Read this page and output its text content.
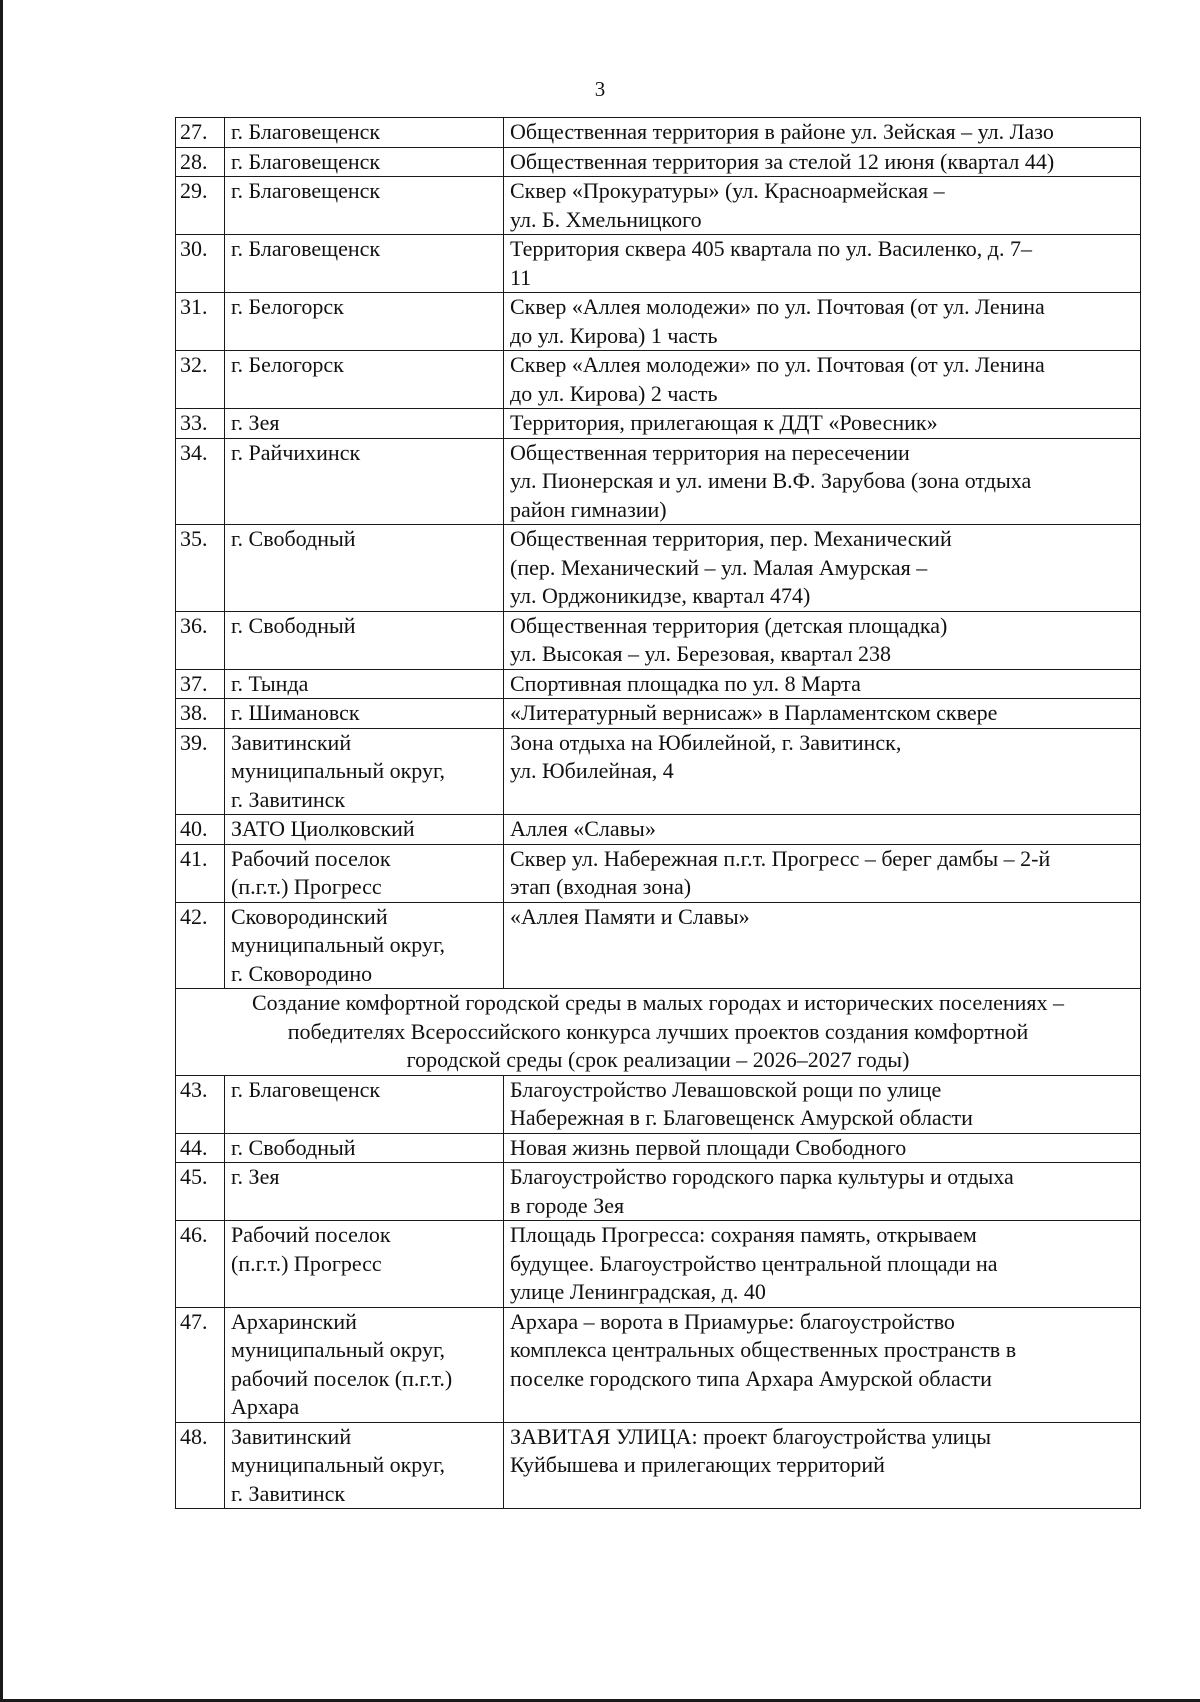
3
27.	г. Благовещенск	Общественная территория в районе ул. Зейская – ул. Лазо

28.	г. Благовещенск	Общественная территория за стелой 12 июня (квартал 44)

29.	г. Благовещенск	Сквер «Прокуратуры» (ул. Красноармейская –
ул. Б. Хмельницкого

30.	г. Благовещенск	Территория сквера 405 квартала по ул. Василенко, д. 7–
11

31.	г. Белогорск	Сквер «Аллея молодежи» по ул. Почтовая (от ул. Ленина
до ул. Кирова) 1 часть

32.	г. Белогорск	Сквер «Аллея молодежи» по ул. Почтовая (от ул. Ленина
до ул. Кирова) 2 часть

33.	г. Зея	Территория, прилегающая к ДДТ «Ровесник»

34.	г. Райчихинск	Общественная территория на пересечении
ул. Пионерская и ул. имени В.Ф. Зарубова (зона отдыха
район гимназии)

35.	г. Свободный	Общественная территория, пер. Механический
(пер. Механический – ул. Малая Амурская –
ул. Орджоникидзе, квартал 474)

36.	г. Свободный	Общественная территория (детская площадка)
ул. Высокая – ул. Березовая, квартал 238

37.	г. Тында	Спортивная площадка по ул. 8 Марта

38.	г. Шимановск	«Литературный вернисаж» в Парламентском сквере

39.	Завитинский
муниципальный округ,
г. Завитинск	Зона отдыха на Юбилейной, г. Завитинск,
ул. Юбилейная, 4

40.	ЗАТО Циолковский	Аллея «Славы»

41.	Рабочий поселок
(п.г.т.) Прогресс	Сквер ул. Набережная п.г.т. Прогресс – берег дамбы – 2-й
этап (входная зона)

42.	Сковородинский
муниципальный округ,
г. Сковородино	«Аллея Памяти и Славы»

Создание комфортной городской среды в малых городах и исторических поселениях –
победителях Всероссийского конкурса лучших проектов создания комфортной
городской среды (срок реализации – 2026–2027 годы)		

43.	г. Благовещенск	Благоустройство Левашовской рощи по улице
Набережная в г. Благовещенск Амурской области

44.	г. Свободный	Новая жизнь первой площади Свободного

45.	г. Зея	Благоустройство городского парка культуры и отдыха
в городе Зея

46.	Рабочий поселок
(п.г.т.) Прогресс	Площадь Прогресса: сохраняя память, открываем
будущее. Благоустройство центральной площади на
улице Ленинградская, д. 40

47.	Архаринский
муниципальный округ,
рабочий поселок (п.г.т.)
Архара	Архара – ворота в Приамурье: благоустройство
комплекса центральных общественных пространств в
поселке городского типа Архара Амурской области

48.	Завитинский
муниципальный округ,
г. Завитинск	ЗАВИТАЯ УЛИЦА: проект благоустройства улицы
Куйбышева и прилегающих территорий
